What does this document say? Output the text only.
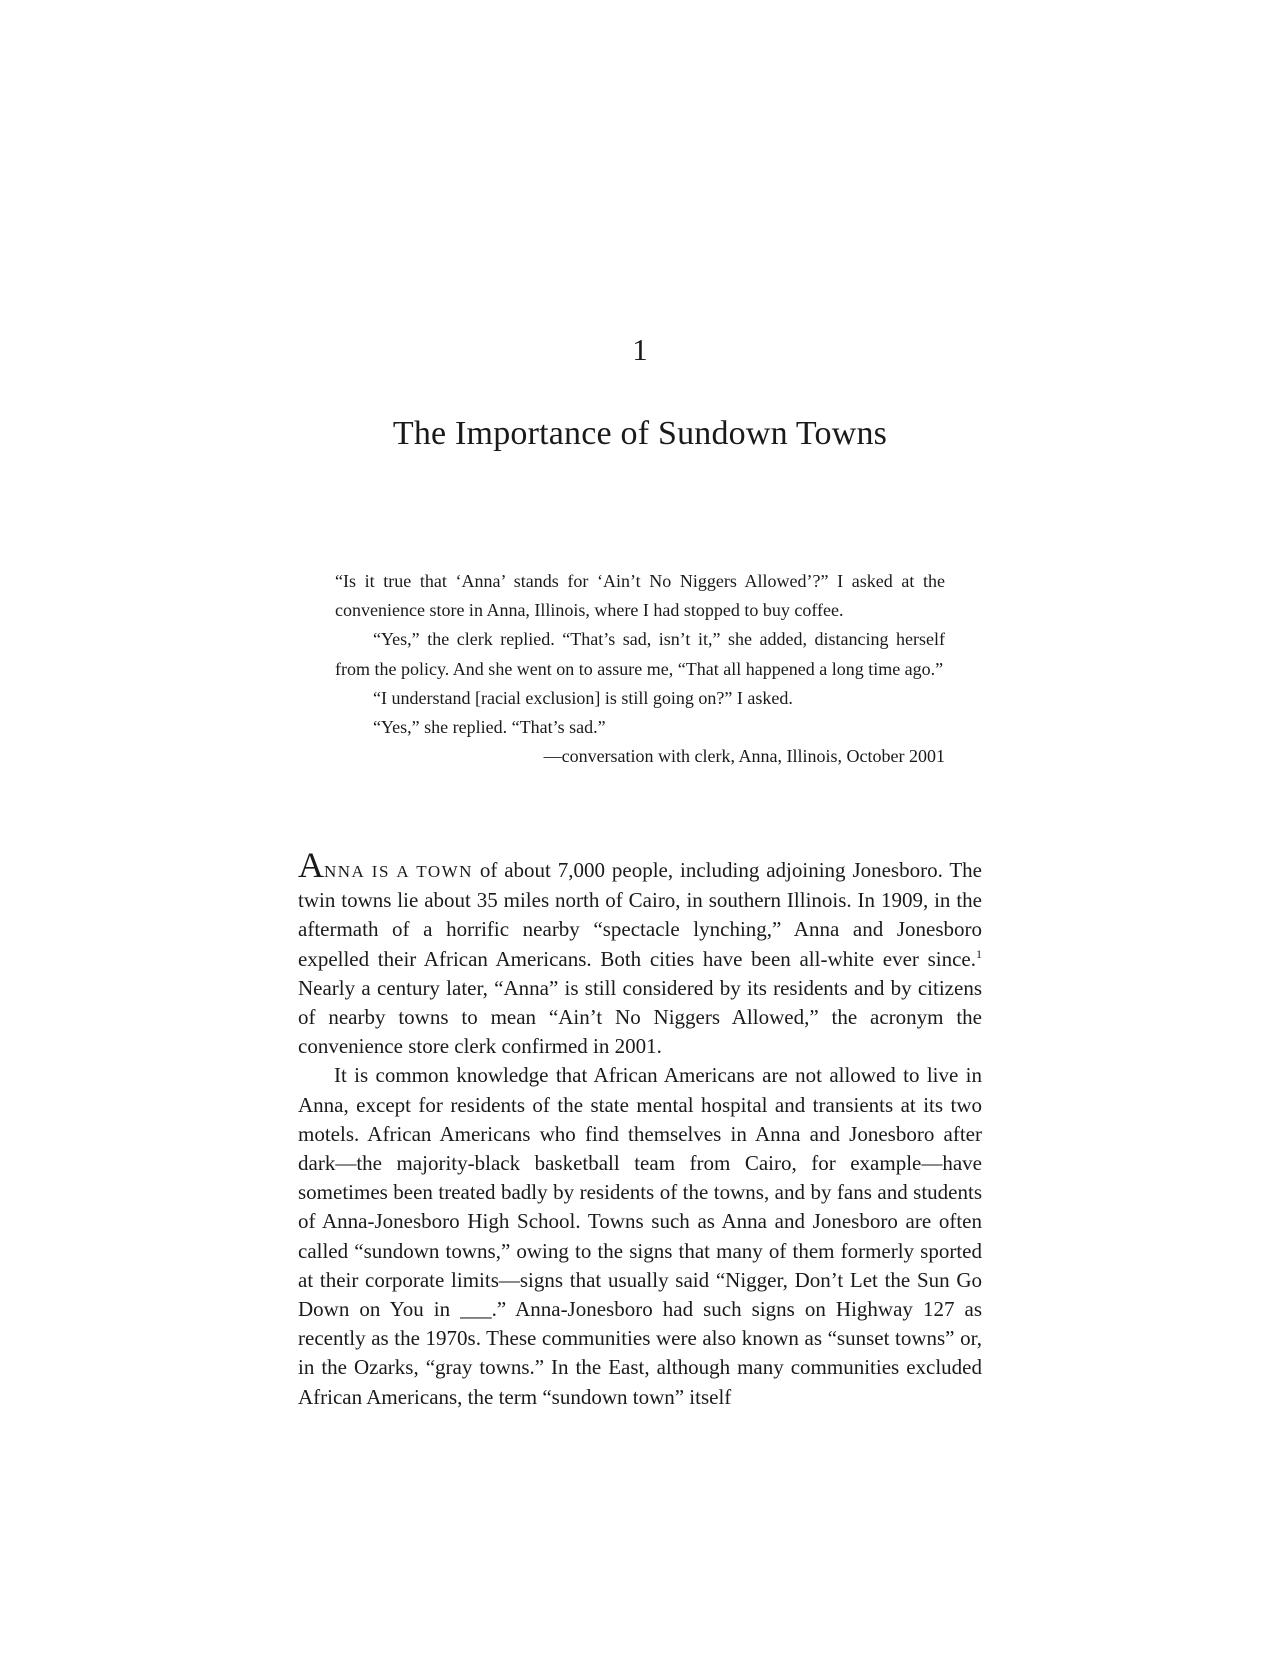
1
The Importance of Sundown Towns

“Is it true that ‘Anna’ stands for ‘Ain’t No Niggers Allowed’?” I asked at the convenience store in Anna, Illinois, where I had stopped to buy coffee.

“Yes,” the clerk replied. “That’s sad, isn’t it,” she added, distancing herself from the policy. And she went on to assure me, “That all happened a long time ago.”

“I understand [racial exclusion] is still going on?” I asked.

“Yes,” she replied. “That’s sad.”

—conversation with clerk, Anna, Illinois, October 2001

ANNA IS A TOWN of about 7,000 people, including adjoining Jonesboro. The twin towns lie about 35 miles north of Cairo, in southern Illinois. In 1909, in the aftermath of a horrific nearby “spectacle lynching,” Anna and Jonesboro expelled their African Americans. Both cities have been all-white ever since.$^1$ Nearly a century later, “Anna” is still considered by its residents and by citizens of nearby towns to mean “Ain’t No Niggers Allowed,” the acronym the convenience store clerk confirmed in 2001.

It is common knowledge that African Americans are not allowed to live in Anna, except for residents of the state mental hospital and transients at its two motels. African Americans who find themselves in Anna and Jonesboro after dark—the majority-black basketball team from Cairo, for example—have sometimes been treated badly by residents of the towns, and by fans and students of Anna-Jonesboro High School. Towns such as Anna and Jonesboro are often called “sundown towns,” owing to the signs that many of them formerly sported at their corporate limits—signs that usually said “Nigger, Don’t Let the Sun Go Down on You in ___.” Anna-Jonesboro had such signs on Highway 127 as recently as the 1970s. These communities were also known as “sunset towns” or, in the Ozarks, “gray towns.” In the East, although many communities excluded African Americans, the term “sundown town” itself
